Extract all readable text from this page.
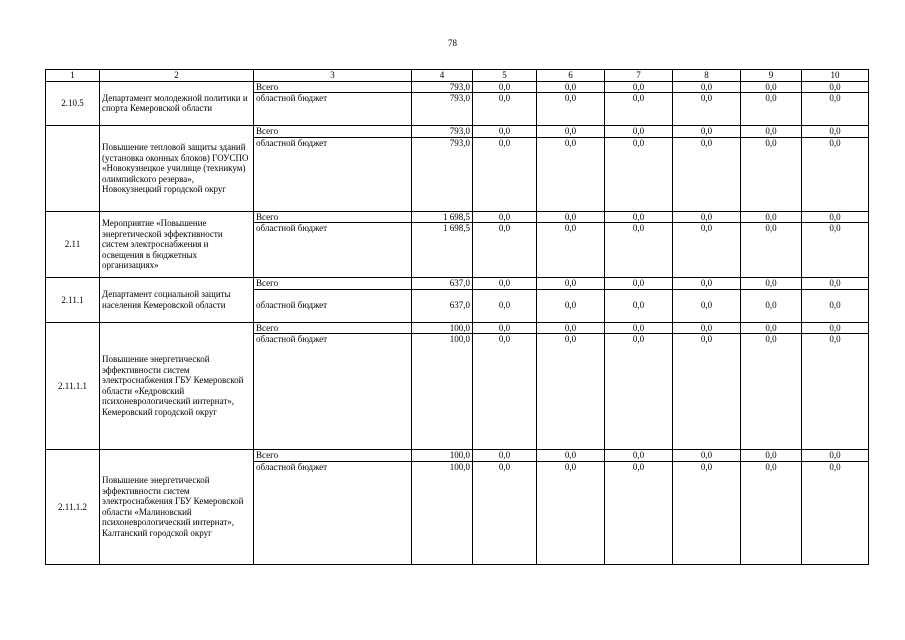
78
1	2	3	4	5	6	7	8	9	10
2.10.5	Департамент молодежной политики и спорта Кемеровской области	Всего	793,0	0,0	0,0	0,0	0,0	0,0	0,0
		областной бюджет	793,0	0,0	0,0	0,0	0,0	0,0	0,0
	Повышение тепловой защиты зданий (установка оконных блоков) ГОУСПО «Новокузнецкое училище (техникум) олимпийского резерва», Новокузнецкий городской округ	Всего	793,0	0,0	0,0	0,0	0,0	0,0	0,0
		областной бюджет	793,0	0,0	0,0	0,0	0,0	0,0	0,0
2.11	Мероприятие «Повышение энергетической эффективности систем электроснабжения и освещения в бюджетных организациях»	Всего	1 698,5	0,0	0,0	0,0	0,0	0,0	0,0
		областной бюджет	1 698,5	0,0	0,0	0,0	0,0	0,0	0,0
2.11.1	Департамент социальной защиты населения Кемеровской области	Всего	637,0	0,0	0,0	0,0	0,0	0,0	0,0
		областной бюджет	637,0	0,0	0,0	0,0	0,0	0,0	0,0
2.11.1.1	Повышение энергетической эффективности систем электроснабжения ГБУ Кемеровской области «Кедровский психоневрологический интернат», Кемеровский городской округ	Всего	100,0	0,0	0,0	0,0	0,0	0,0	0,0
		областной бюджет	100,0	0,0	0,0	0,0	0,0	0,0	0,0
2.11.1.2	Повышение энергетической эффективности систем электроснабжения ГБУ Кемеровской области «Малиновский психоневрологический интернат», Калтанский городской округ	Всего	100,0	0,0	0,0	0,0	0,0	0,0	0,0
		областной бюджет	100,0	0,0	0,0	0,0	0,0	0,0	0,0
